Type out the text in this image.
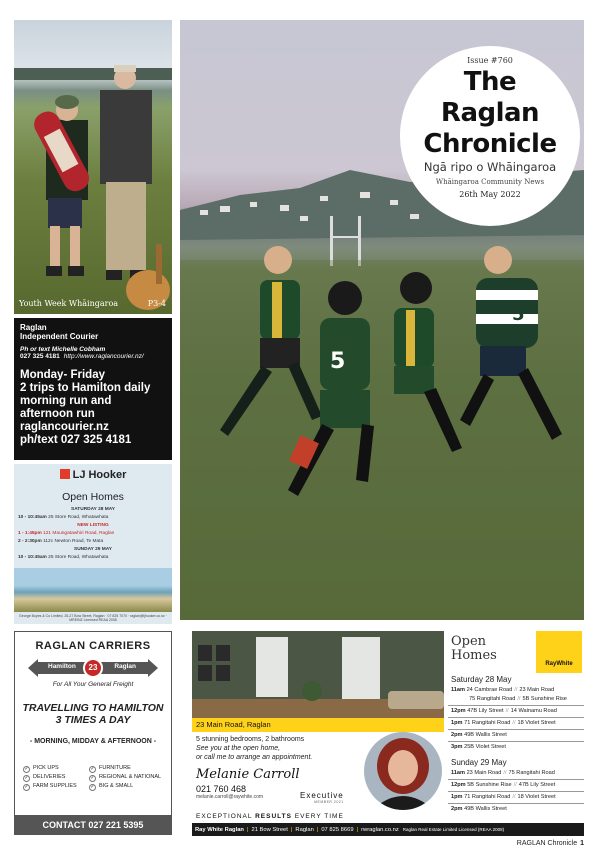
Youth Week Whāingaroa	P3-4
Raglan
Independent Courier
Ph or text Michelle Cobham
027 325 4181 http://www.raglancourier.nz/
Monday- Friday
2 trips to Hamilton daily
morning run and
afternoon run
raglancourier.nz
ph/text 027 325 4181
LJ Hooker
Open Homes
SATURDAY 28 MAY
10 - 10:45am 25 Store Road, Whatawhata
NEW LISTING
1 - 1:45pm 121 Maungatawhiri Road, Raglan
2 - 2:30pm 112c Newton Road, Te Mata
SUNDAY 29 MAY
10 - 10:45am 25 Store Road, Whatawhata
George Boyes & Co Limited, 25-27 Bow Street, Raglan · 07 825 7070 · raglan@ljhooker.co.nz · MREINZ Licensed REAA 2008
5
5
Issue #760
The
Raglan
Chronicle
Ngā ripo o Whāingaroa
Whāingaroa Community News
26th May 2022
RAGLAN CARRIERS
Hamilton	Raglan
23
For All Your General Freight
TRAVELLING TO HAMILTON
3 TIMES A DAY
- MORNING, MIDDAY & AFTERNOON -
✓ PICK UPS
✓ DELIVERIES
✓ FARM SUPPLIES
✓ FURNITURE
✓ REGIONAL & NATIONAL
✓ BIG & SMALL
CONTACT 027 221 5395
23 Main Road, Raglan
5 stunning bedrooms, 2 bathrooms
See you at the open home,
or call me to arrange an appointment.
Melanie Carroll
021 760 468
melanie.carroll@raywhite.com	Executive
MEMBER 2021
EXCEPTIONAL RESULTS EVERY TIME
Ray White Raglan | 21 Bow Street | Raglan | 07 825 8669 | rwraglan.co.nz Raglan Real Estate Limited Licensed (REAA 2008)
Open
Homes
RayWhite
Saturday 28 May
11am 24 Cambrae Road // 23 Main Road
75 Rangitahi Road // 5B Sunshine Rise
12pm 47B Lily Street // 14 Wainamu Road
1pm 71 Rangitahi Road // 18 Violet Street
2pm 49B Wallis Street
3pm 25B Violet Street
Sunday 29 May
11am 23 Main Road // 75 Rangitahi Road
12pm 5B Sunshine Rise // 47B Lily Street
1pm 71 Rangitahi Road // 18 Violet Street
2pm 49B Wallis Street
RAGLAN Chronicle 1
